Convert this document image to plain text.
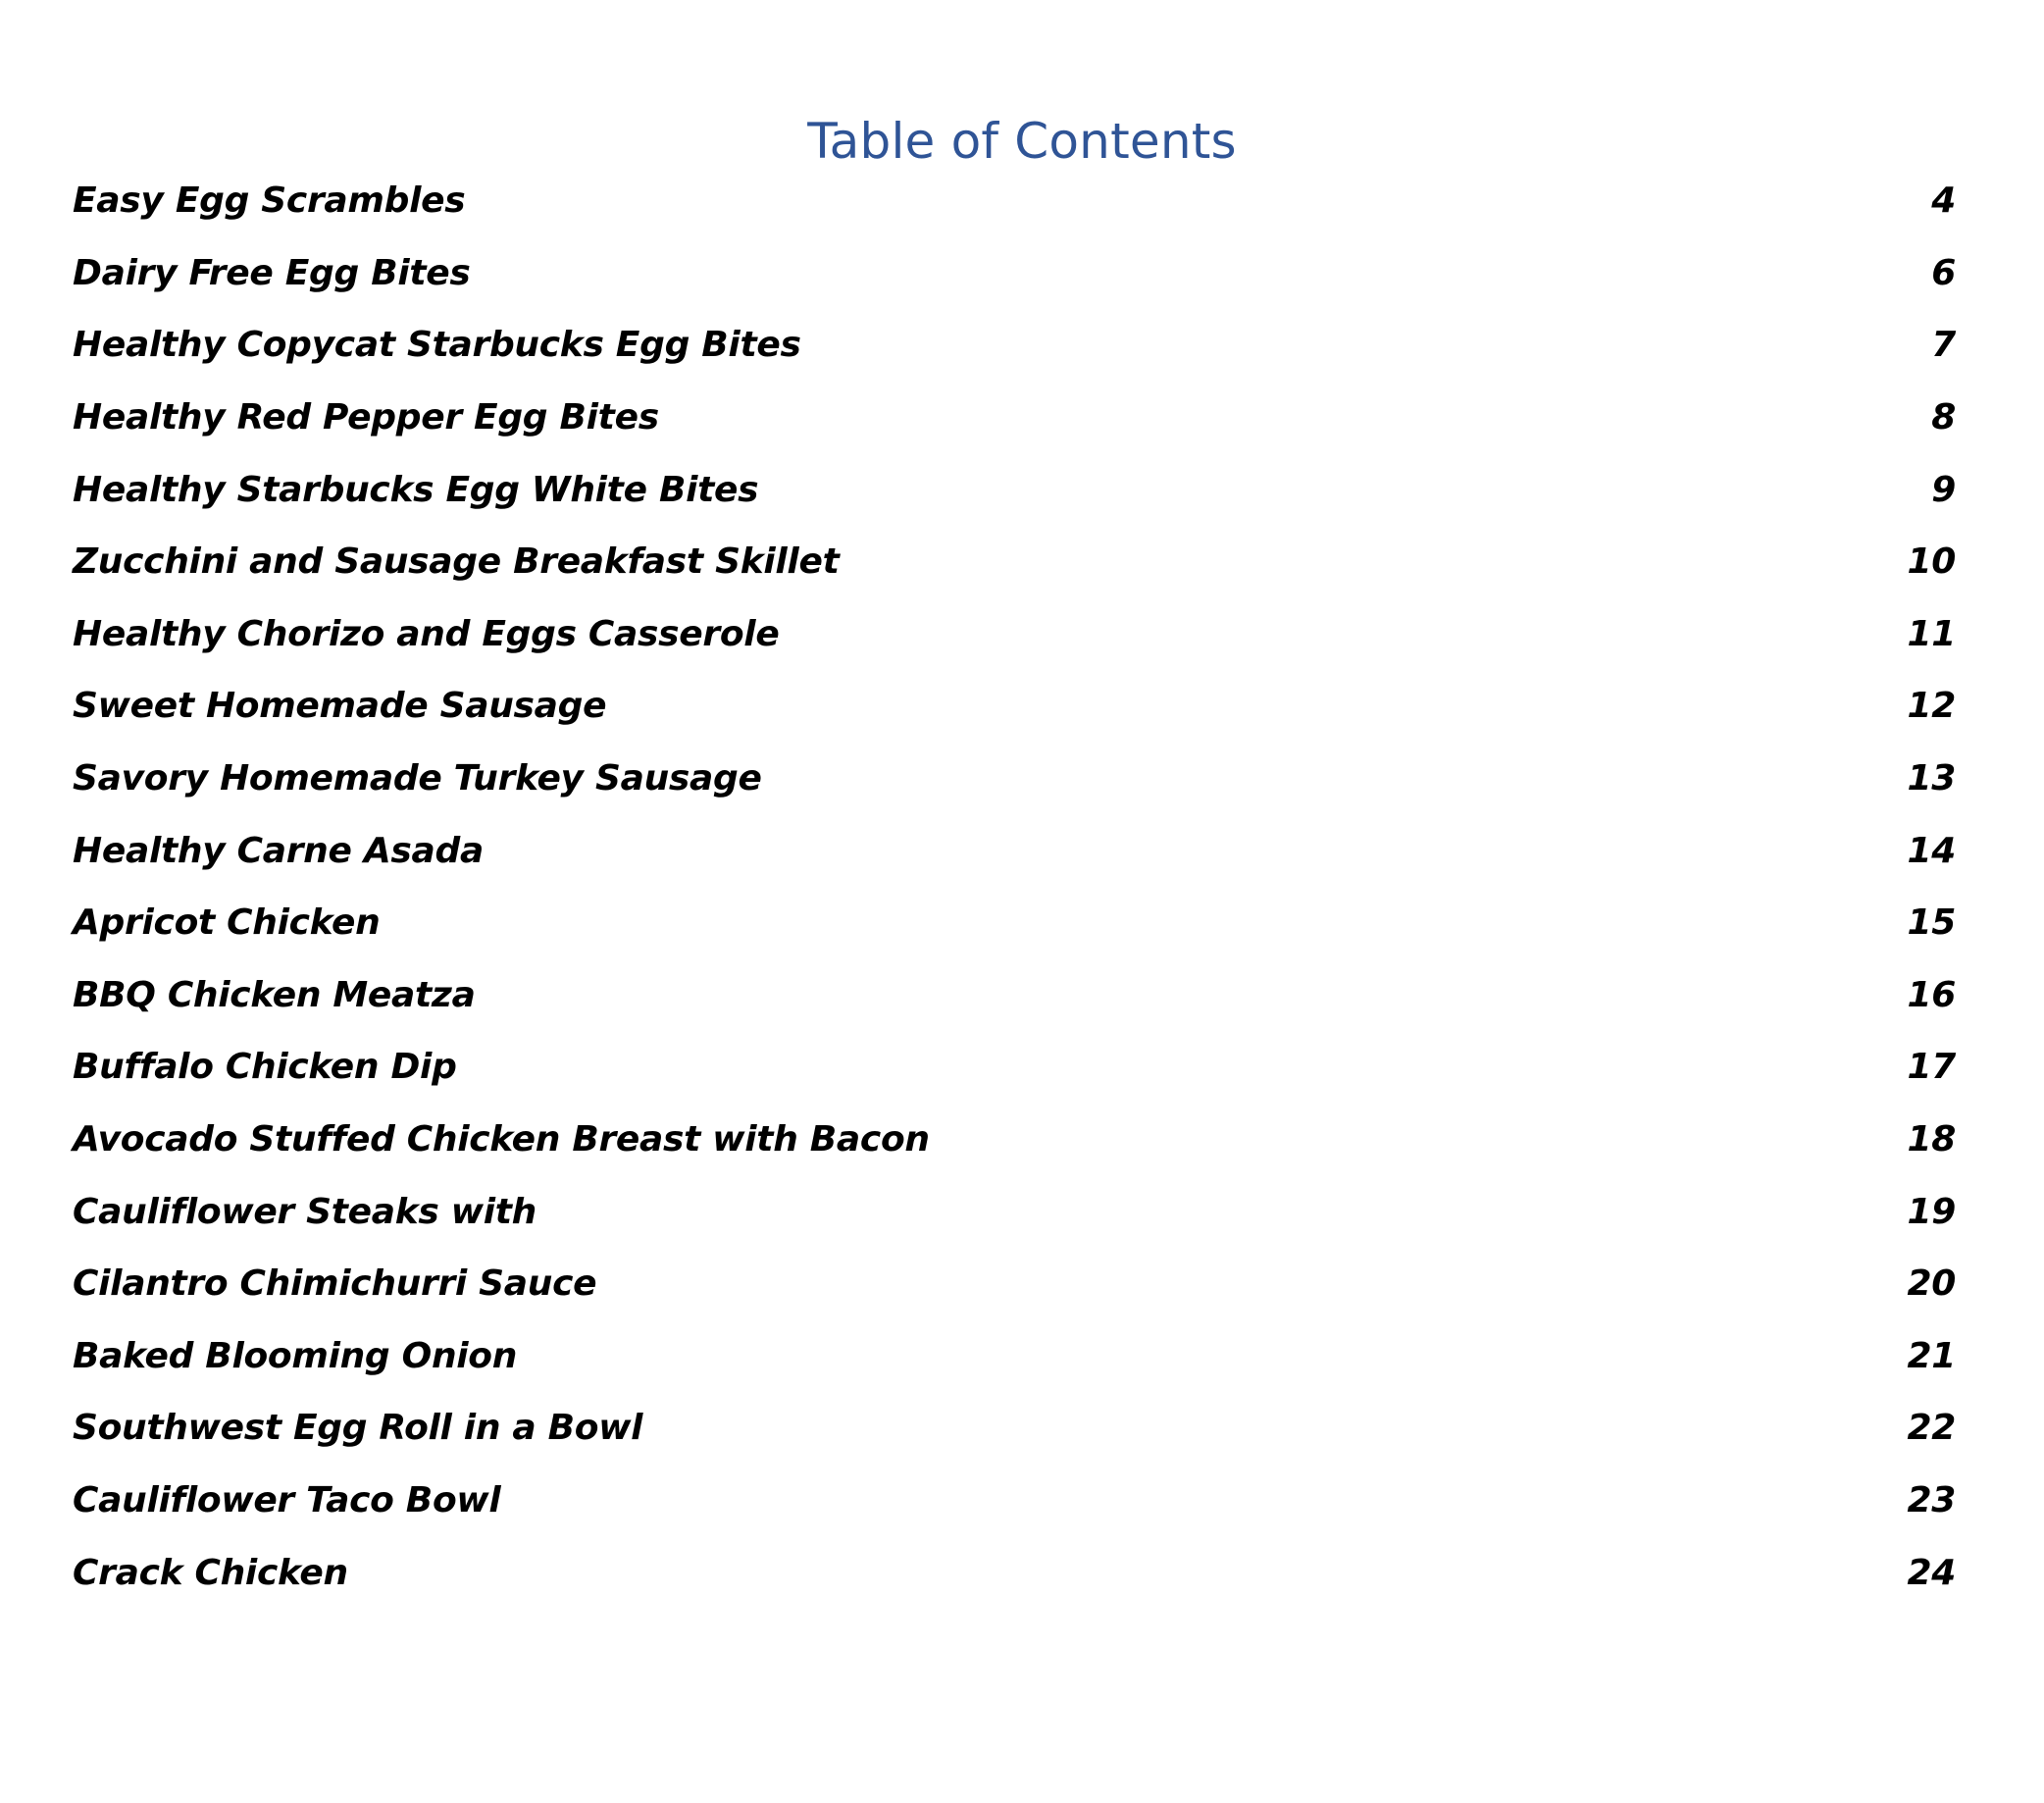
Table of Contents
Easy Egg Scrambles	4
Dairy Free Egg Bites	6
Healthy Copycat Starbucks Egg Bites	7
Healthy Red Pepper Egg Bites	8
Healthy Starbucks Egg White Bites	9
Zucchini and Sausage Breakfast Skillet	10
Healthy Chorizo and Eggs Casserole	11
Sweet Homemade Sausage	12
Savory Homemade Turkey Sausage	13
Healthy Carne Asada	14
Apricot Chicken	15
BBQ Chicken Meatza	16
Buffalo Chicken Dip	17
Avocado Stuffed Chicken Breast with Bacon	18
Cauliflower Steaks with	19
Cilantro Chimichurri Sauce	20
Baked Blooming Onion	21
Southwest Egg Roll in a Bowl	22
Cauliflower Taco Bowl	23
Crack Chicken	24
